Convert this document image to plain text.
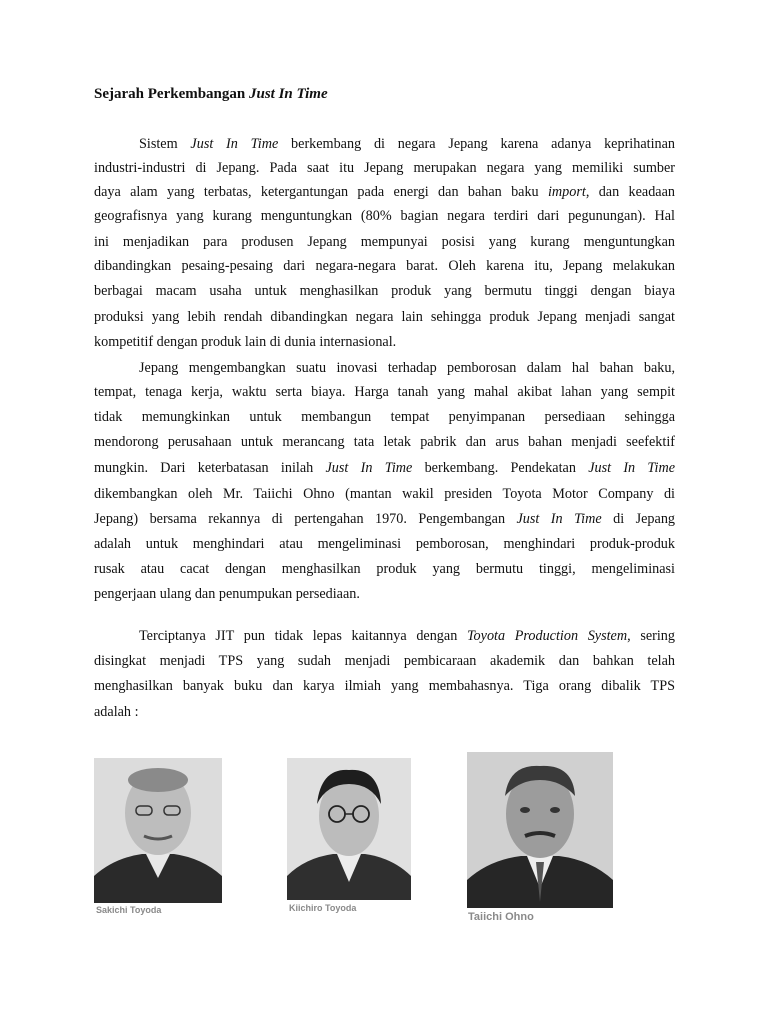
Sejarah Perkembangan Just In Time
Sistem Just In Time berkembang di negara Jepang karena adanya keprihatinan
industri-industri di Jepang. Pada saat itu Jepang merupakan negara yang memiliki sumber
daya alam yang terbatas, ketergantungan pada energi dan bahan baku import, dan keadaan
geografisnya yang kurang menguntungkan (80% bagian negara terdiri dari pegunungan). Hal
ini menjadikan para produsen Jepang mempunyai posisi yang kurang menguntungkan
dibandingkan pesaing-pesaing dari negara-negara barat. Oleh karena itu, Jepang melakukan
berbagai macam usaha untuk menghasilkan produk yang bermutu tinggi dengan biaya
produksi yang lebih rendah dibandingkan negara lain sehingga produk Jepang menjadi sangat
kompetitif dengan produk lain di dunia internasional.
Jepang mengembangkan suatu inovasi terhadap pemborosan dalam hal bahan baku,
tempat, tenaga kerja, waktu serta biaya. Harga tanah yang mahal akibat lahan yang sempit
tidak memungkinkan untuk membangun tempat penyimpanan persediaan sehingga
mendorong perusahaan untuk merancang tata letak pabrik dan arus bahan menjadi seefektif
mungkin. Dari keterbatasan inilah Just In Time berkembang. Pendekatan Just In Time
dikembangkan oleh Mr. Taiichi Ohno (mantan wakil presiden Toyota Motor Company di
Jepang) bersama rekannya di pertengahan 1970. Pengembangan Just In Time di Jepang
adalah untuk menghindari atau mengeliminasi pemborosan, menghindari produk-produk
rusak atau cacat dengan menghasilkan produk yang bermutu tinggi, mengeliminasi
pengerjaan ulang dan penumpukan persediaan.
Terciptanya JIT pun tidak lepas kaitannya dengan Toyota Production System, sering
disingkat menjadi TPS yang sudah menjadi pembicaraan akademik dan bahkan telah
menghasilkan banyak buku dan karya ilmiah yang membahasnya. Tiga orang dibalik TPS
adalah :
Sakichi Toyoda	Kiichiro Toyoda
Taiichi Ohno
